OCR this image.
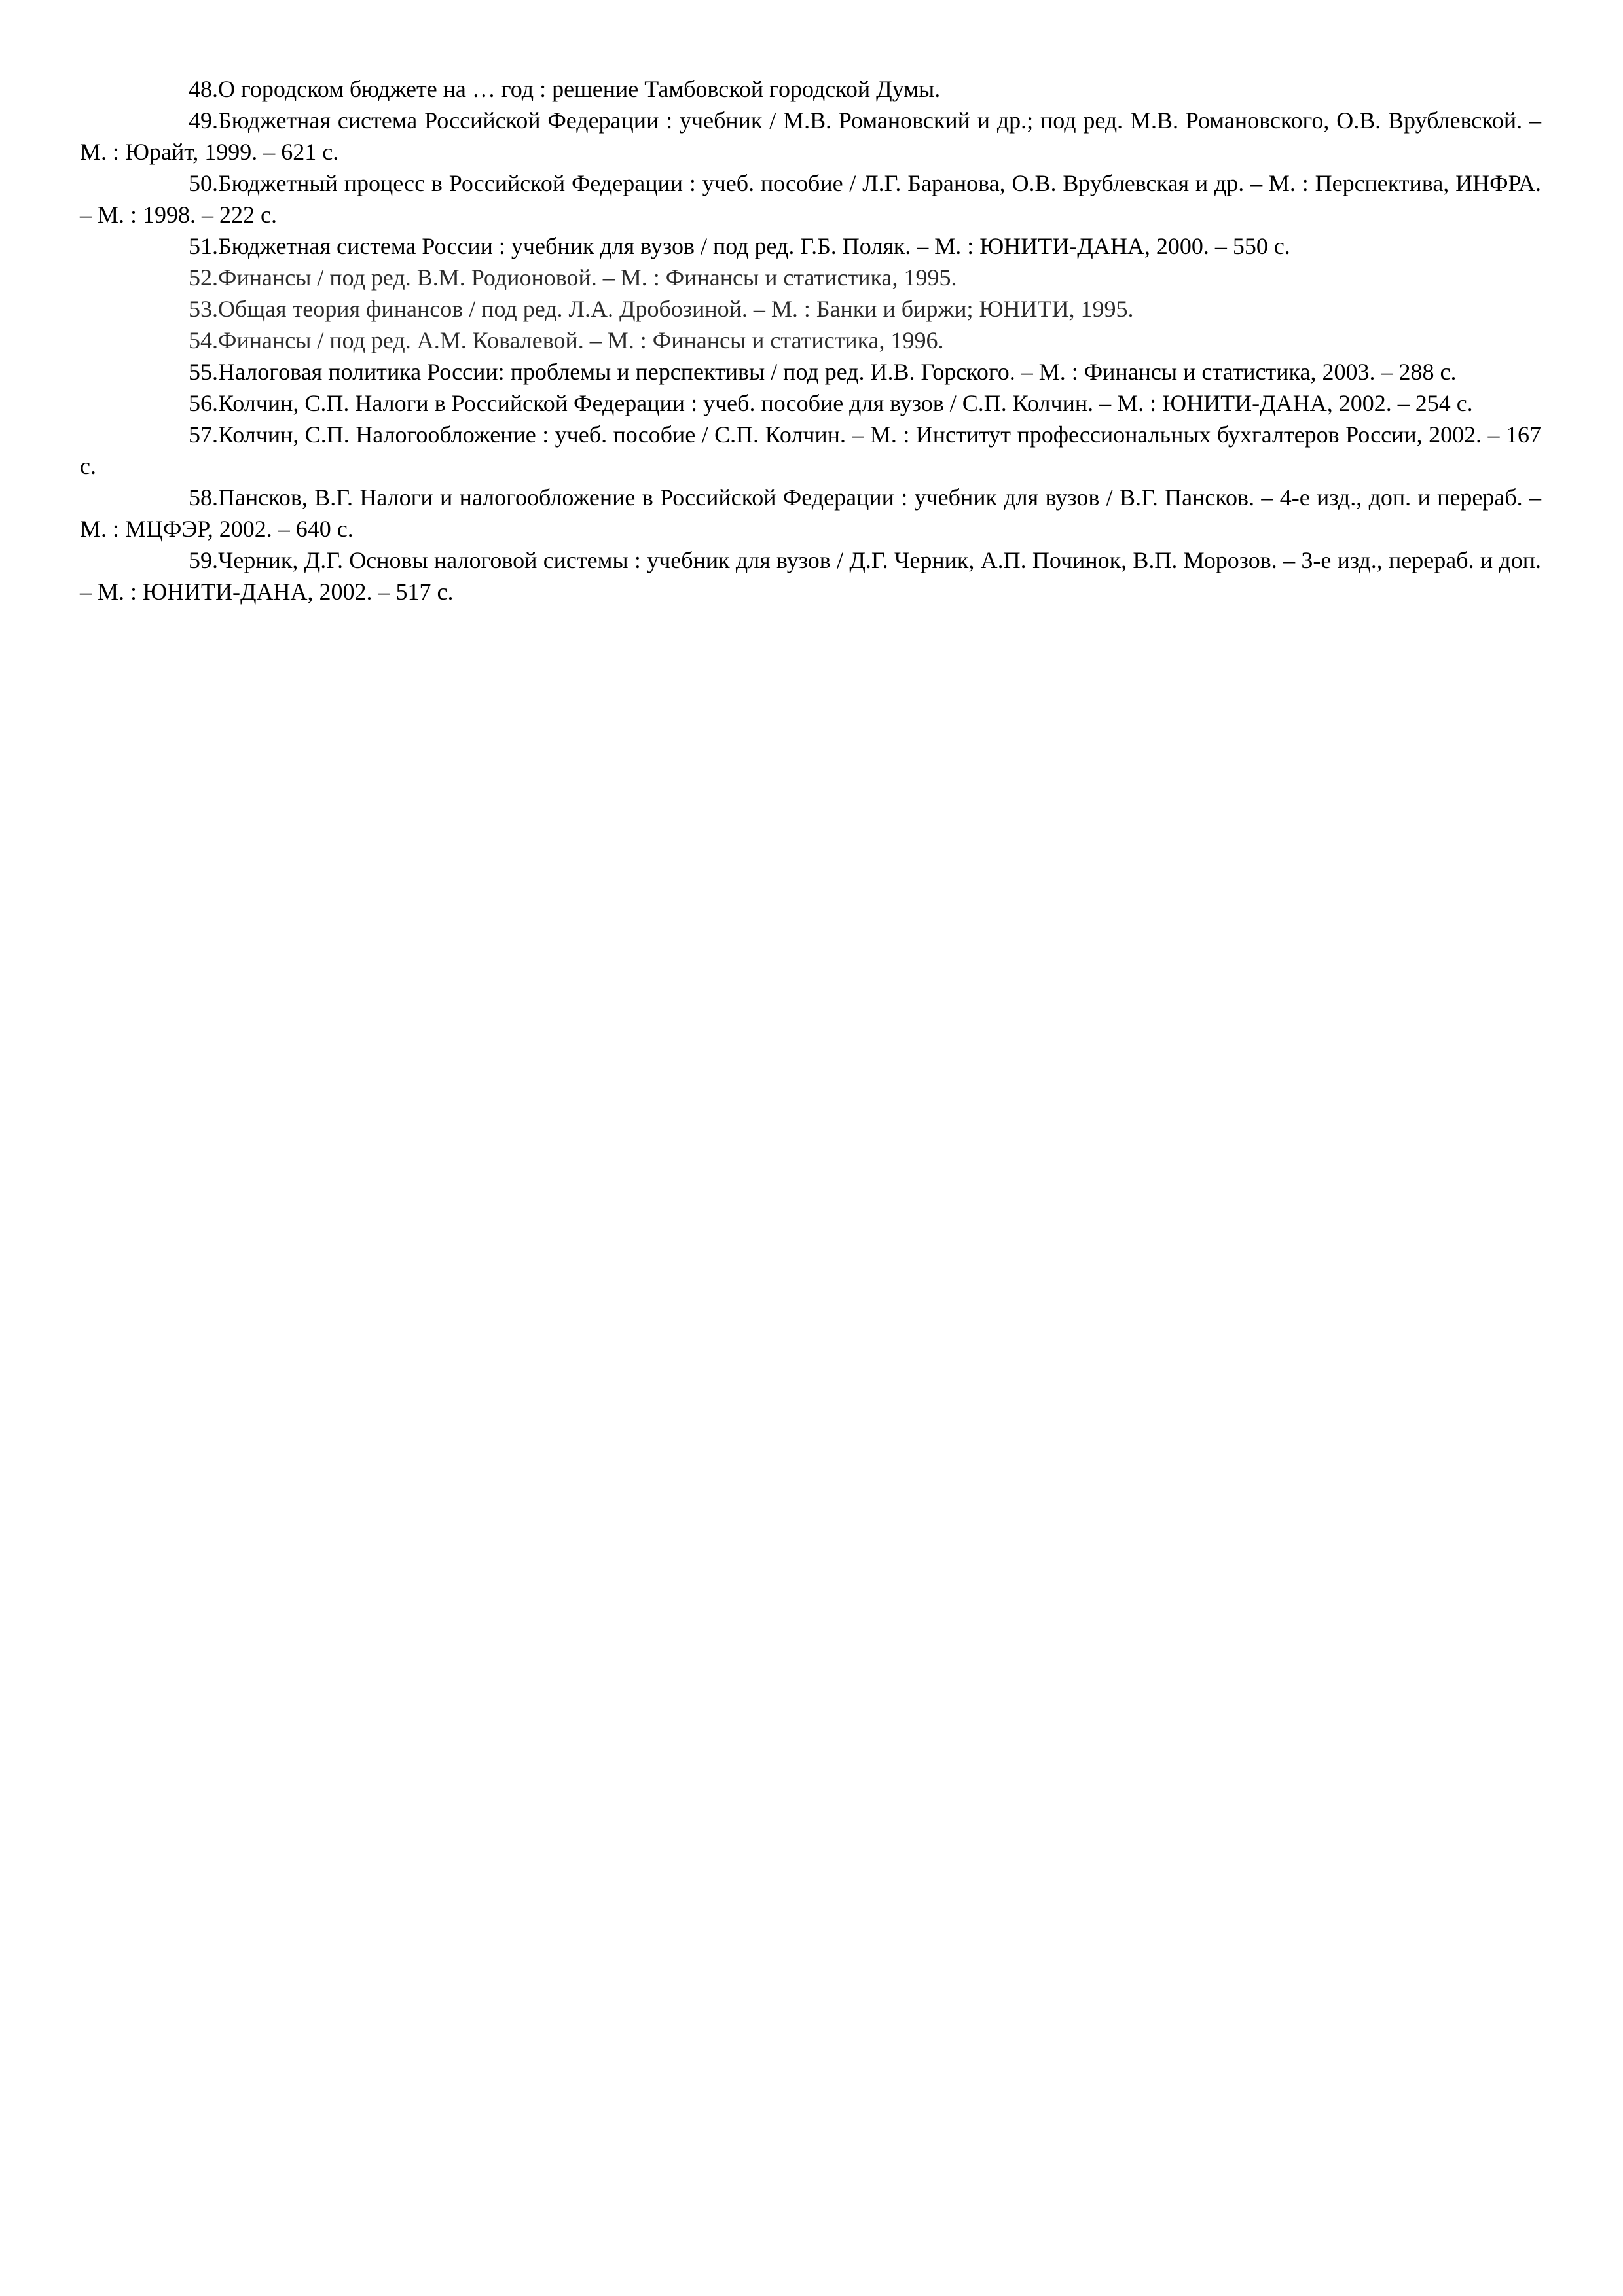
48.О городском бюджете на … год : решение Тамбовской городской Думы.

49.Бюджетная система Российской Федерации : учебник / М.В. Романовский и др.; под ред. М.В. Романовского, О.В. Врублевской. – М. : Юрайт, 1999. – 621 с.

50.Бюджетный процесс в Российской Федерации : учеб. пособие / Л.Г. Баранова, О.В. Врублевская и др. – М. : Перспектива, ИНФРА. – М. : 1998. – 222 с.

51.Бюджетная система России : учебник для вузов / под ред. Г.Б. Поляк. – М. : ЮНИТИ-ДАНА, 2000. – 550 с.

52.Финансы / под ред. В.М. Родионовой. – М. : Финансы и статистика, 1995.

53.Общая теория финансов / под ред. Л.А. Дробозиной. – М. : Банки и биржи; ЮНИТИ, 1995.

54.Финансы / под ред. А.М. Ковалевой. – М. : Финансы и статистика, 1996.

55.Налоговая политика России: проблемы и перспективы / под ред. И.В. Горского. – М. : Финансы и статистика, 2003. – 288 с.

56.Колчин, С.П. Налоги в Российской Федерации : учеб. пособие для вузов / С.П. Колчин. – М. : ЮНИТИ-ДАНА, 2002. – 254 с.

57.Колчин, С.П. Налогообложение : учеб. пособие / С.П. Колчин. – М. : Институт профессиональных бухгалтеров России, 2002. – 167 с.

58.Пансков, В.Г. Налоги и налогообложение в Российской Федерации : учебник для вузов / В.Г. Пансков. – 4-е изд., доп. и перераб. – М. : МЦФЭР, 2002. – 640 с.

59.Черник, Д.Г. Основы налоговой системы : учебник для вузов / Д.Г. Черник, А.П. Починок, В.П. Морозов. – 3-е изд., перераб. и доп. – М. : ЮНИТИ-ДАНА, 2002. – 517 с.
